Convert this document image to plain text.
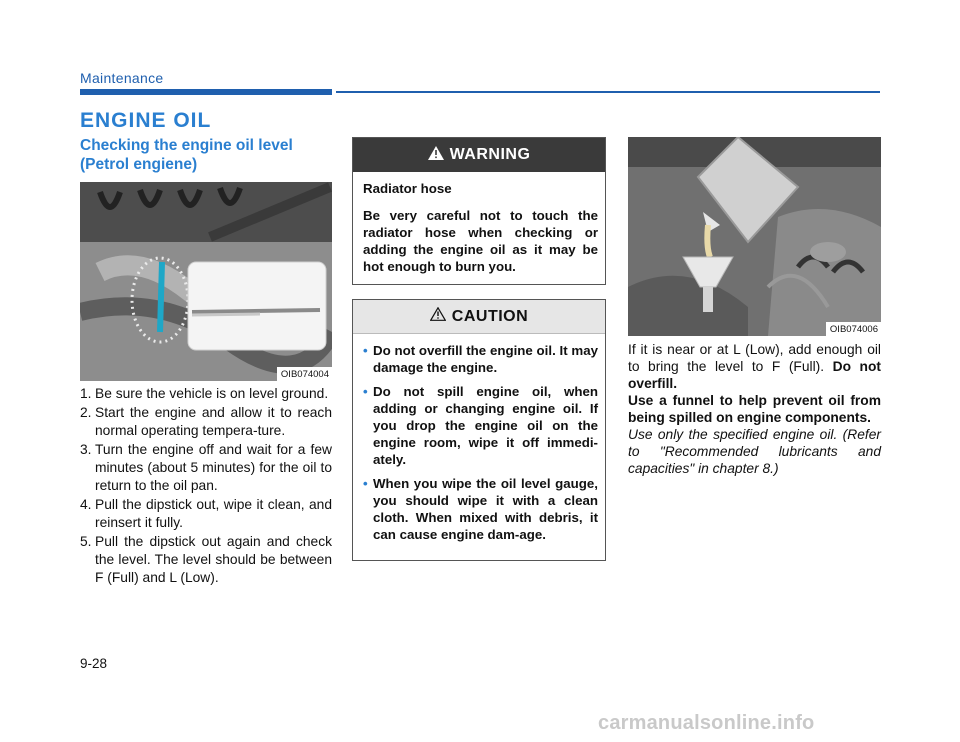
Maintenance
ENGINE OIL
Checking the engine oil level (Petrol engiene)
OIB074004
1. Be sure the vehicle is on level ground.
2. Start the engine and allow it to reach normal operating tempera-ture.
3. Turn the engine off and wait for a few minutes (about 5 minutes) for the oil to return to the oil pan.
4. Pull the dipstick out, wipe it clean, and reinsert it fully.
5. Pull the dipstick out again and check the level. The level should be between F (Full) and L (Low).
WARNING

Radiator hose

Be very careful not to touch the radiator hose when checking or adding the engine oil as it may be hot enough to burn you.

CAUTION
• Do not overfill the engine oil. It may damage the engine.
• Do not spill engine oil, when adding or changing engine oil. If you drop the engine oil on the engine room, wipe it off immedi-ately.
• When you wipe the oil level gauge, you should wipe it with a clean cloth. When mixed with debris, it can cause engine dam-age.
OIB074006

If it is near or at L (Low), add enough oil to bring the level to F (Full). Do not overfill.

Use a funnel to help prevent oil from being spilled on engine components.

Use only the specified engine oil. (Refer to "Recommended lubricants and capacities" in chapter 8.)

9-28
carmanualsonline.info
